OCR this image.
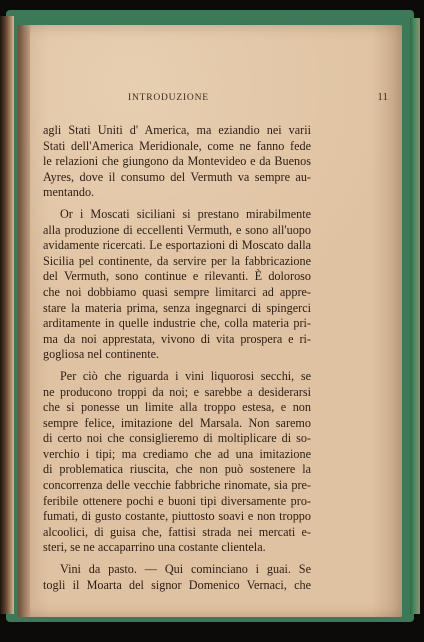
INTRODUZIONE	11
agli Stati Uniti d' America, ma eziandio nei varii
Stati dell'America Meridionale, come ne fanno fede
le relazioni che giungono da Montevideo e da Buenos
Ayres, dove il consumo del Vermuth va sempre au-
mentando.
Or i Moscati siciliani si prestano mirabilmente
alla produzione di eccellenti Vermuth, e sono all'uopo
avidamente ricercati. Le esportazioni di Moscato dalla
Sicilia pel continente, da servire per la fabbricazione
del Vermuth, sono continue e rilevanti. È doloroso
che noi dobbiamo quasi sempre limitarci ad appre-
stare la materia prima, senza ingegnarci di spingerci
arditamente in quelle industrie che, colla materia pri-
ma da noi apprestata, vivono di vita prospera e ri-
gogliosa nel continente.
Per ciò che riguarda i vini liquorosi secchi, se
ne producono troppi da noi; e sarebbe a desiderarsi
che si ponesse un limite alla troppo estesa, e non
sempre felice, imitazione del Marsala. Non saremo
di certo noi che consiglieremo di moltiplicare di so-
verchio i tipi; ma crediamo che ad una imitazione
di problematica riuscita, che non può sostenere la
concorrenza delle vecchie fabbriche rinomate, sia pre-
feribile ottenere pochi e buoni tipi diversamente pro-
fumati, di gusto costante, piuttosto soavi e non troppo
alcoolici, di guisa che, fattisi strada nei mercati e-
steri, se ne accaparrino una costante clientela.
Vini da pasto. — Qui cominciano i guai. Se
togli il Moarta del signor Domenico Vernaci, che
